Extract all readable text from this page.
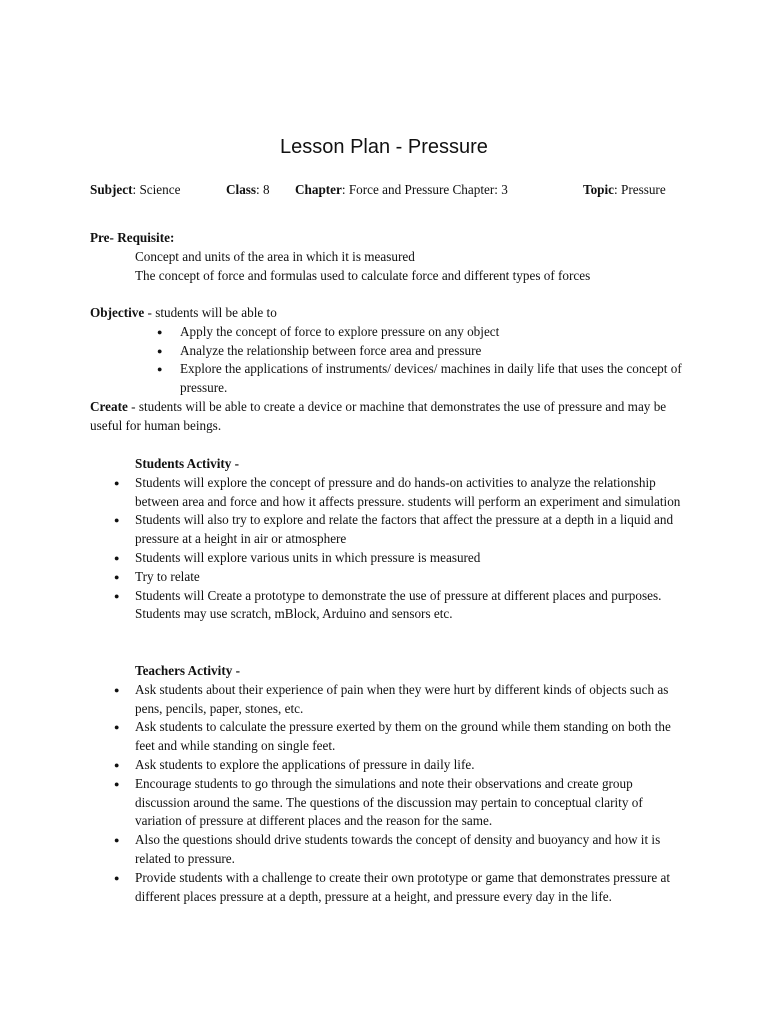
Lesson Plan - Pressure
Subject: Science	Class: 8 Chapter: Force and Pressure Chapter: 3	Topic: Pressure
Pre- Requisite:
Concept and units of the area in which it is measured
The concept of force and formulas used to calculate force and different types of forces
Objective - students will be able to
● Apply the concept of force to explore pressure on any object
● Analyze the relationship between force area and pressure
● Explore the applications of instruments/ devices/ machines in daily life that uses the concept of pressure.
Create - students will be able to create a device or machine that demonstrates the use of pressure and may be useful for human beings.
Students Activity -
● Students will explore the concept of pressure and do hands-on activities to analyze the relationship between area and force and how it affects pressure. students will perform an experiment and simulation
● Students will also try to explore and relate the factors that affect the pressure at a depth in a liquid and pressure at a height in air or atmosphere
● Students will explore various units in which pressure is measured
● Try to relate
● Students will Create a prototype to demonstrate the use of pressure at different places and purposes. Students may use scratch, mBlock, Arduino and sensors etc.
Teachers Activity -
● Ask students about their experience of pain when they were hurt by different kinds of objects such as pens, pencils, paper, stones, etc.
● Ask students to calculate the pressure exerted by them on the ground while them standing on both the feet and while standing on single feet.
● Ask students to explore the applications of pressure in daily life.
● Encourage students to go through the simulations and note their observations and create group discussion around the same. The questions of the discussion may pertain to conceptual clarity of variation of pressure at different places and the reason for the same.
● Also the questions should drive students towards the concept of density and buoyancy and how it is related to pressure.
● Provide students with a challenge to create their own prototype or game that demonstrates pressure at different places pressure at a depth, pressure at a height, and pressure every day in the life.
